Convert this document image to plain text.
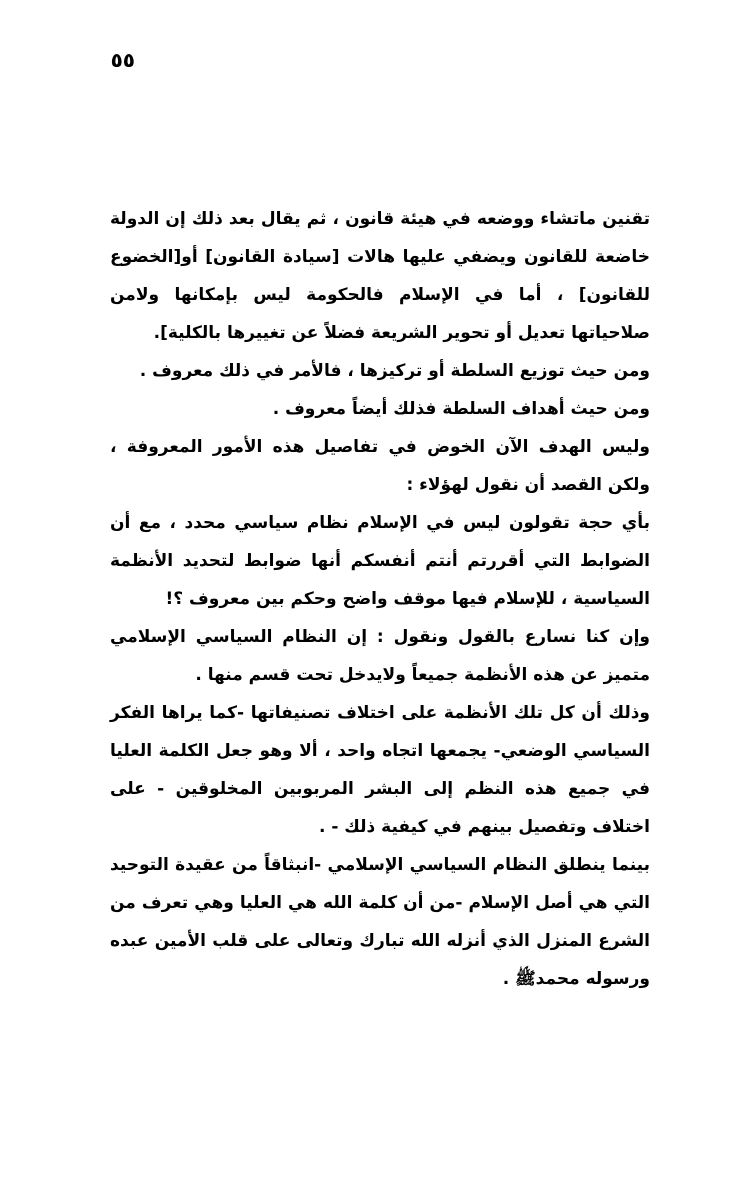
٥٥

تقنين ماتشاء ووضعه في هيئة قانون ، ثم يقال بعد ذلك إن الدولة خاضعة للقانون ويضفي عليها هالات [سيادة القانون] أو[الخضوع للقانون] ، أما في الإسلام فالحكومة ليس بإمكانها ولامن صلاحياتها تعديل أو تحوير الشريعة فضلاً عن تغييرها بالكلية].

ومن حيث توزيع السلطة أو تركيزها ، فالأمر في ذلك معروف .

ومن حيث أهداف السلطة فذلك أيضاً معروف .

وليس الهدف الآن الخوض في تفاصيل هذه الأمور المعروفة ، ولكن القصد أن نقول لهؤلاء :

بأي حجة تقولون ليس في الإسلام نظام سياسي محدد ، مع أن الضوابط التي أقررتم أنتم أنفسكم أنها ضوابط لتحديد الأنظمة السياسية ، للإسلام فيها موقف واضح وحكم بين معروف ؟!

وإن كنا نسارع بالقول ونقول : إن النظام السياسي الإسلامي متميز عن هذه الأنظمة جميعاً ولايدخل تحت قسم منها .

وذلك أن كل تلك الأنظمة على اختلاف تصنيفاتها -كما يراها الفكر السياسي الوضعي- يجمعها اتجاه واحد ، ألا وهو جعل الكلمة العليا في جميع هذه النظم إلى البشر المربوبين المخلوقين - على اختلاف وتفصيل بينهم في كيفية ذلك - .

بينما ينطلق النظام السياسي الإسلامي -انبثاقاً من عقيدة التوحيد التي هي أصل الإسلام -من أن كلمة الله هي العليا وهي تعرف من الشرع المنزل الذي أنزله الله تبارك وتعالى على قلب الأمين عبده ورسوله محمدﷺ .
